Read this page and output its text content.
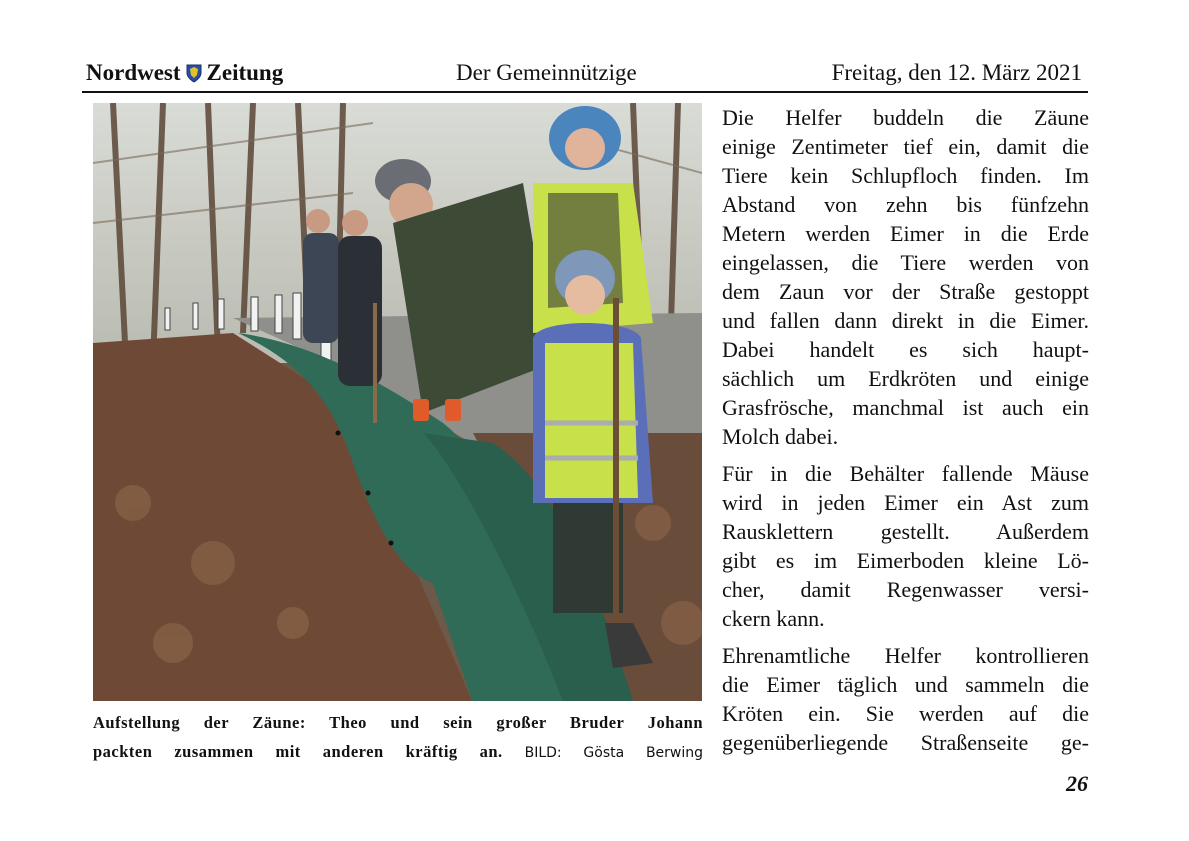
Nordwest Zeitung	Der Gemeinnützige	Freitag, den 12. März 2021
Aufstellung der Zäune: Theo und sein großer Bruder Johann
packten zusammen mit anderen kräftig an. BILD: Gösta Berwing

Die Helfer buddeln die Zäune
einige Zentimeter tief ein, damit die
Tiere kein Schlupfloch finden. Im
Abstand von zehn bis fünfzehn
Metern werden Eimer in die Erde
eingelassen, die Tiere werden von
dem Zaun vor der Straße gestoppt
und fallen dann direkt in die Eimer.
Dabei handelt es sich haupt-
sächlich um Erdkröten und einige
Grasfrösche, manchmal ist auch ein
Molch dabei.

Für in die Behälter fallende Mäuse
wird in jeden Eimer ein Ast zum
Rausklettern gestellt. Außerdem
gibt es im Eimerboden kleine Lö-
cher, damit Regenwasser versi-
ckern kann.

Ehrenamtliche Helfer kontrollieren
die Eimer täglich und sammeln die
Kröten ein. Sie werden auf die
gegenüberliegende Straßenseite ge-

26
